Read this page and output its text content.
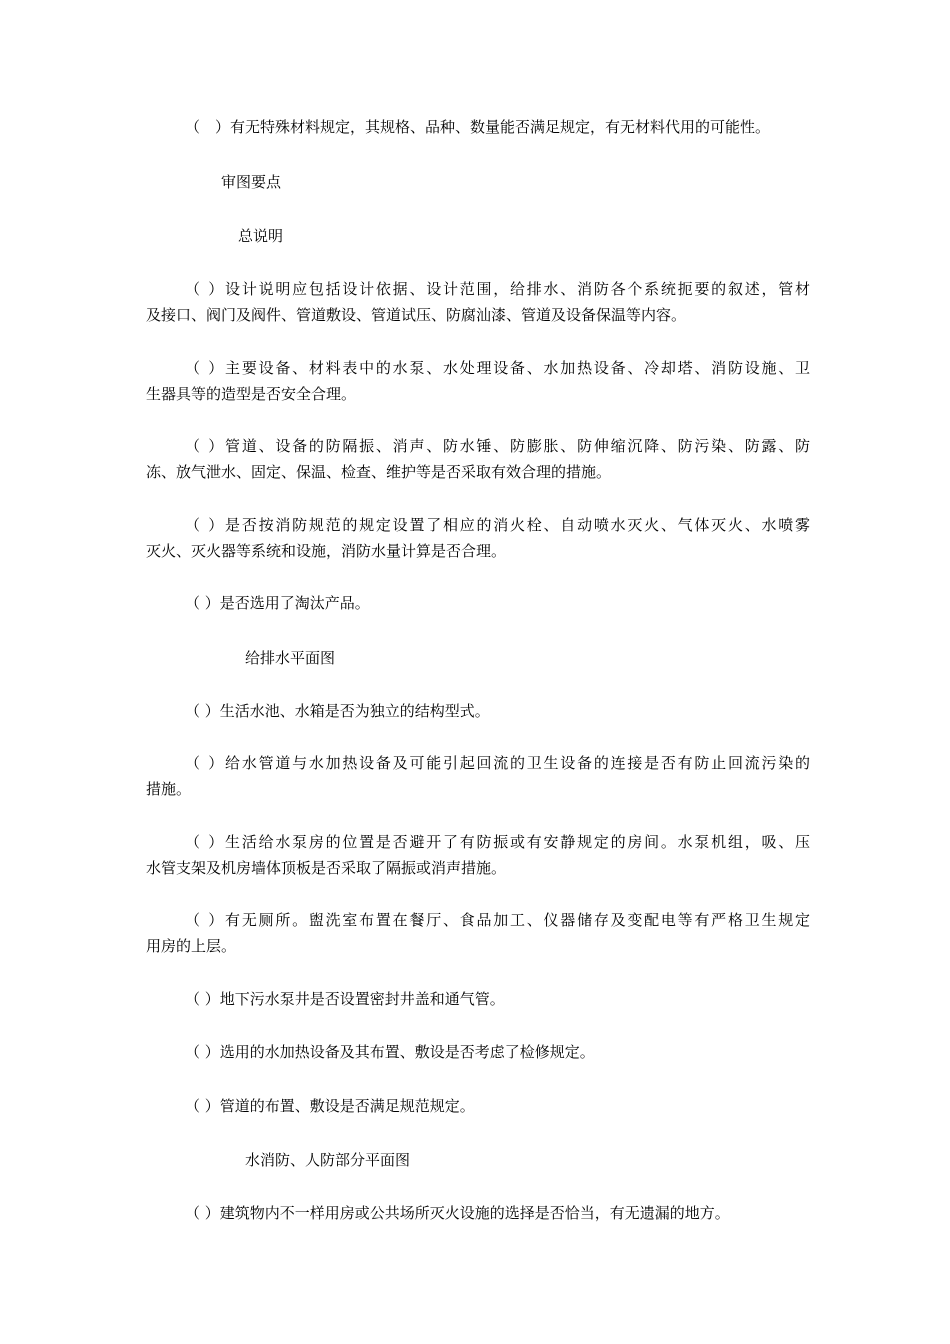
（　）有无特殊材料规定，其规格、品种、数量能否满足规定，有无材料代用的可能性。
审图要点
总说明
（ ）设计说明应包括设计依据、设计范围，给排水、消防各个系统扼要的叙述，管材
及接口、阀门及阀件、管道敷设、管道试压、防腐汕漆、管道及设备保温等内容。
（ ）主要设备、材料表中的水泵、水处理设备、水加热设备、冷却塔、消防设施、卫
生器具等的造型是否安全合理。
（ ）管道、设备的防隔振、消声、防水锤、防膨胀、防伸缩沉降、防污染、防露、防
冻、放气泄水、固定、保温、检查、维护等是否采取有效合理的措施。
（ ）是否按消防规范的规定设置了相应的消火栓、自动喷水灭火、气体灭火、水喷雾
灭火、灭火器等系统和设施，消防水量计算是否合理。
（ ）是否选用了淘汰产品。
给排水平面图
（ ）生活水池、水箱是否为独立的结构型式。
（ ）给水管道与水加热设备及可能引起回流的卫生设备的连接是否有防止回流污染的
措施。
（ ）生活给水泵房的位置是否避开了有防振或有安静规定的房间。水泵机组，吸、压
水管支架及机房墙体顶板是否采取了隔振或消声措施。
（ ）有无厕所。盥洗室布置在餐厅、食品加工、仪器储存及变配电等有严格卫生规定
用房的上层。
（ ）地下污水泵井是否设置密封井盖和通气管。
（ ）选用的水加热设备及其布置、敷设是否考虑了检修规定。
（ ）管道的布置、敷设是否满足规范规定。
水消防、人防部分平面图
（ ）建筑物内不一样用房或公共场所灭火设施的选择是否恰当，有无遗漏的地方。
